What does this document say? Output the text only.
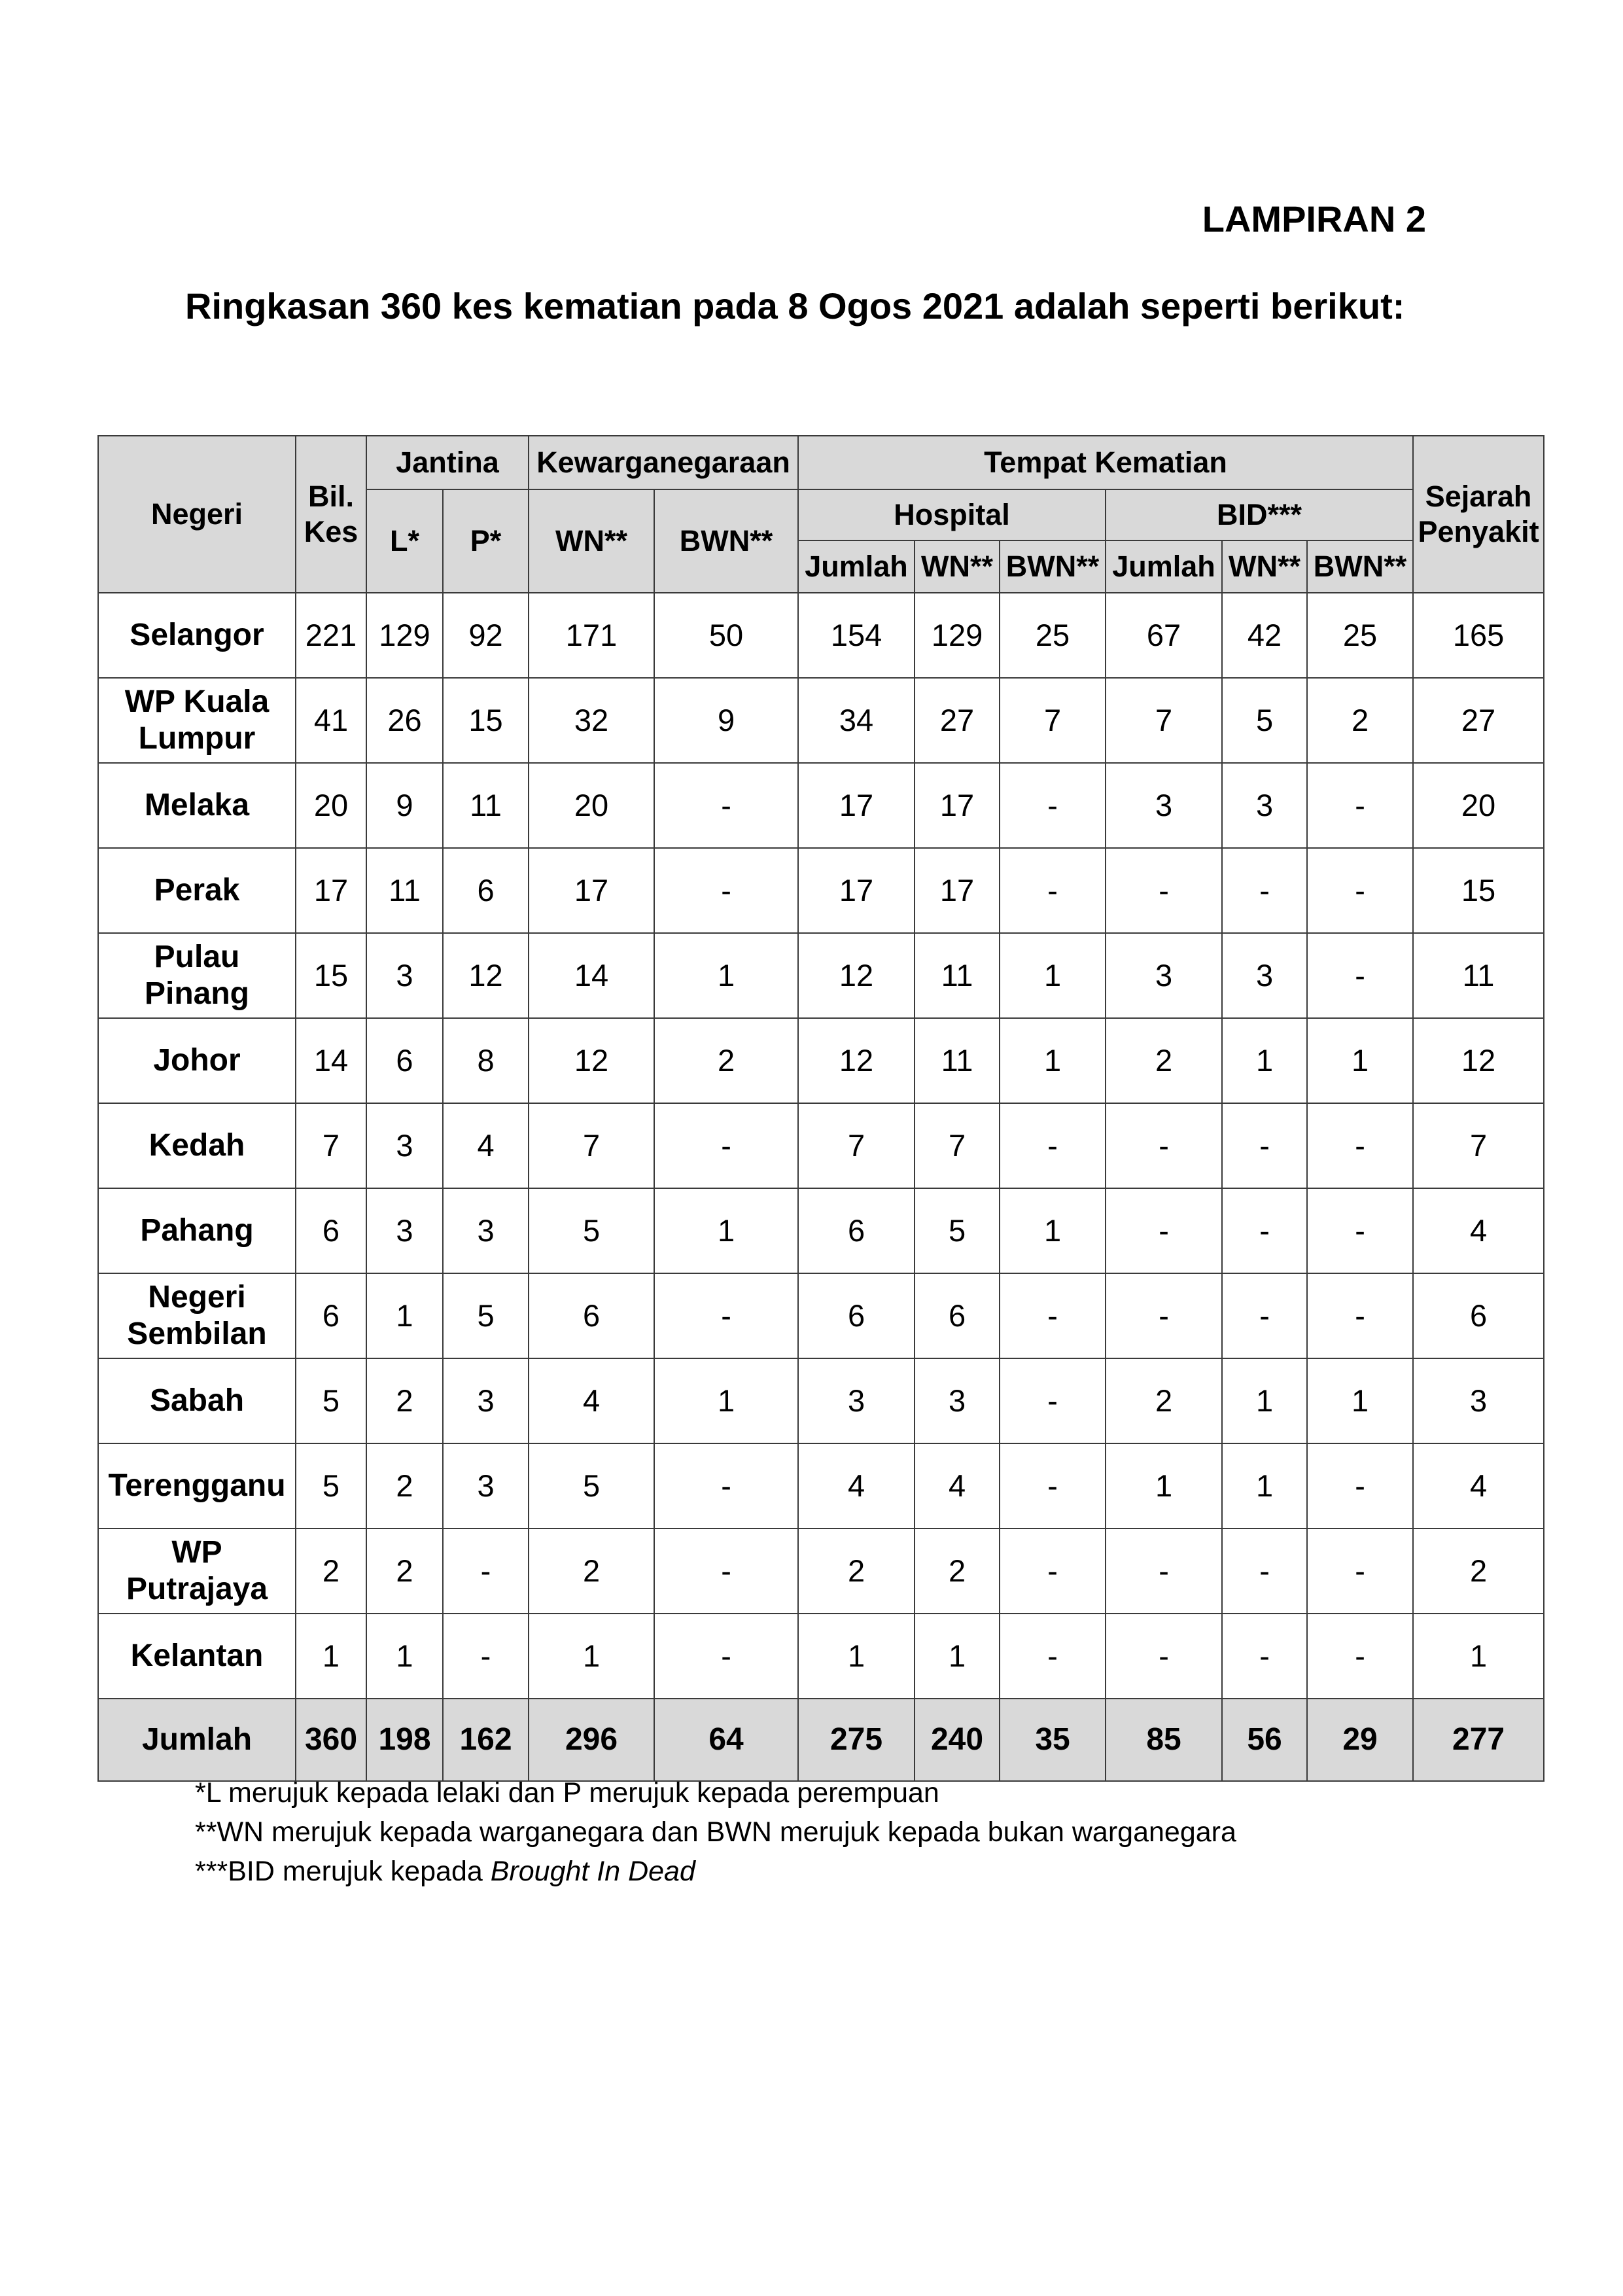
LAMPIRAN 2

Ringkasan 360 kes kematian pada 8 Ogos 2021 adalah seperti berikut:

Negeri	Bil. Kes	Jantina		Kewarganegaraan		Tempat Kematian						Sejarah Penyakit
		L*	P*	WN**	BWN**	Hospital			BID***			
						Jumlah	WN**	BWN**	Jumlah	WN**	BWN**	
Selangor	221	129	92	171	50	154	129	25	67	42	25	165
WP Kuala Lumpur	41	26	15	32	9	34	27	7	7	5	2	27
Melaka	20	9	11	20	-	17	17	-	3	3	-	20
Perak	17	11	6	17	-	17	17	-	-	-	-	15
Pulau Pinang	15	3	12	14	1	12	11	1	3	3	-	11
Johor	14	6	8	12	2	12	11	1	2	1	1	12
Kedah	7	3	4	7	-	7	7	-	-	-	-	7
Pahang	6	3	3	5	1	6	5	1	-	-	-	4
Negeri Sembilan	6	1	5	6	-	6	6	-	-	-	-	6
Sabah	5	2	3	4	1	3	3	-	2	1	1	3
Terengganu	5	2	3	5	-	4	4	-	1	1	-	4
WP Putrajaya	2	2	-	2	-	2	2	-	-	-	-	2
Kelantan	1	1	-	1	-	1	1	-	-	-	-	1
Jumlah	360	198	162	296	64	275	240	35	85	56	29	277
*L merujuk kepada lelaki dan P merujuk kepada perempuan
**WN merujuk kepada warganegara dan BWN merujuk kepada bukan warganegara
***BID merujuk kepada Brought In Dead
